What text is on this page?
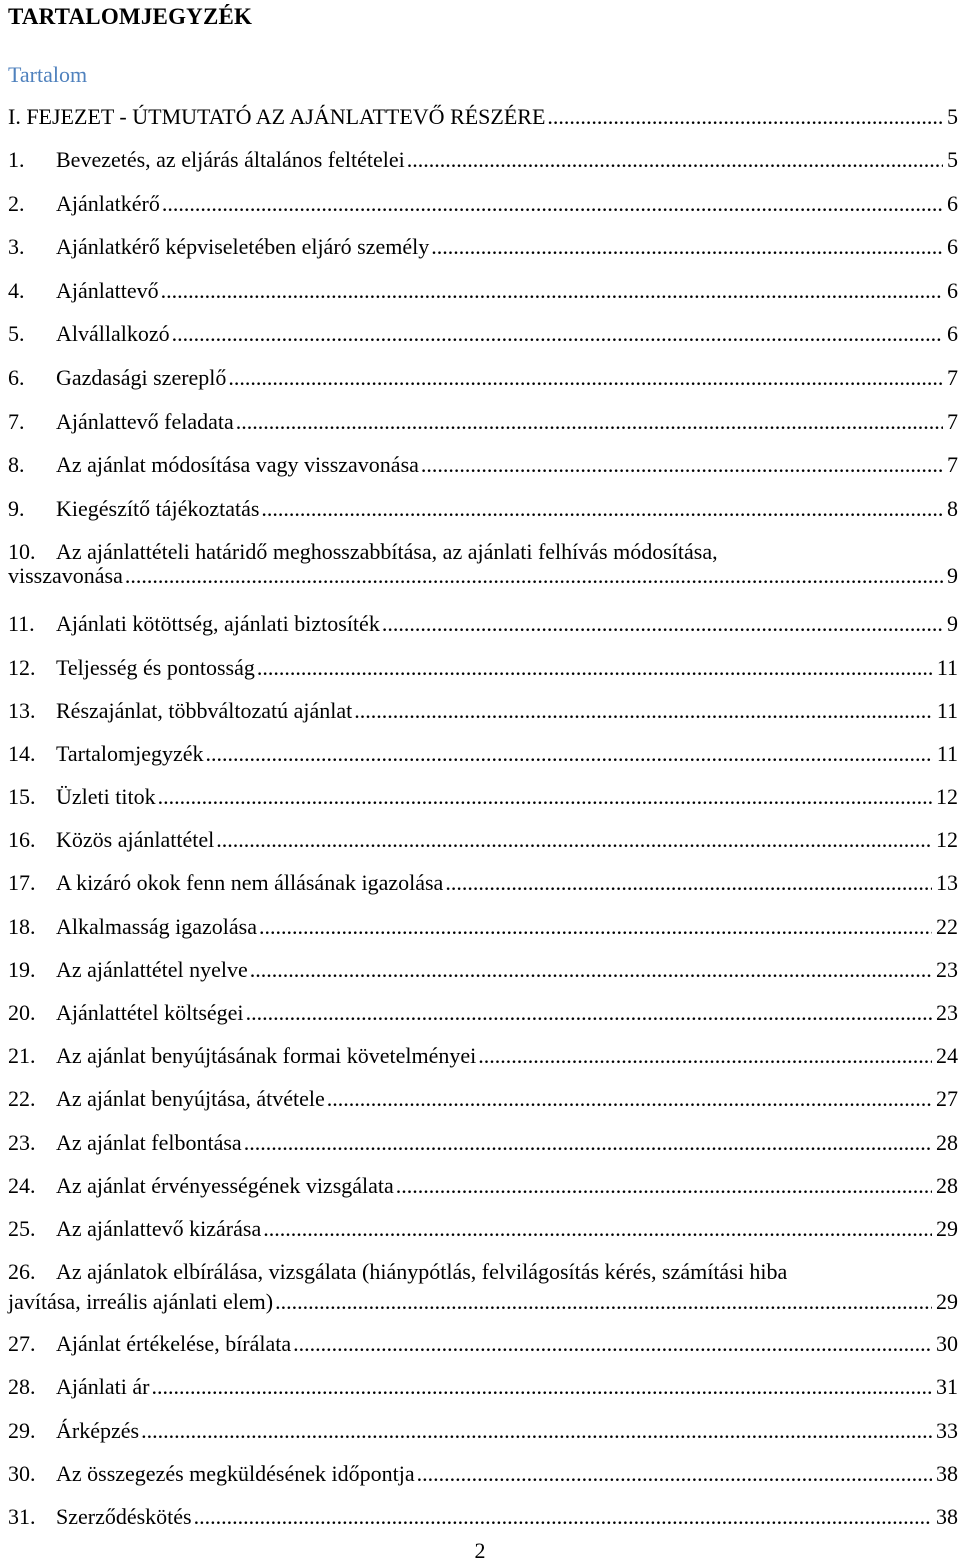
TARTALOMJEGYZÉK
Tartalom
I. FEJEZET - ÚTMUTATÓ AZ AJÁNLATTEVŐ RÉSZÉRE .....	5
1.	Bevezetés, az eljárás általános feltételei .....	5
2.	Ajánlatkérő .....	6
3.	Ajánlatkérő képviseletében eljáró személy .....	6
4.	Ajánlattevő .....	6
5.	Alvállalkozó .....	6
6.	Gazdasági szereplő .....	7
7.	Ajánlattevő feladata .....	7
8.	Az ajánlat módosítása vagy visszavonása .....	7
9.	Kiegészítő tájékoztatás .....	8
10. Az ajánlattételi határidő meghosszabbítása, az ajánlati felhívás módosítása,
visszavonása .....	9
11. Ajánlati kötöttség, ajánlati biztosíték .....	9
12. Teljesség és pontosság .....	11
13. Részajánlat, többváltozatú ajánlat .....	11
14. Tartalomjegyzék .....	11
15. Üzleti titok .....	12
16. Közös ajánlattétel .....	12
17. A kizáró okok fenn nem állásának igazolása .....	13
18. Alkalmasság igazolása .....	22
19. Az ajánlattétel nyelve .....	23
20. Ajánlattétel költségei .....	23
21. Az ajánlat benyújtásának formai követelményei .....	24
22. Az ajánlat benyújtása, átvétele .....	27
23. Az ajánlat felbontása .....	28
24. Az ajánlat érvényességének vizsgálata .....	28
25. Az ajánlattevő kizárása .....	29
26. Az ajánlatok elbírálása, vizsgálata (hiánypótlás, felvilágosítás kérés, számítási hiba
javítása, irreális ajánlati elem) .....	29
27. Ajánlat értékelése, bírálata .....	30
28. Ajánlati ár .....	31
29. Árképzés .....	33
30. Az összegezés megküldésének időpontja .....	38
31. Szerződéskötés .....	38
2
